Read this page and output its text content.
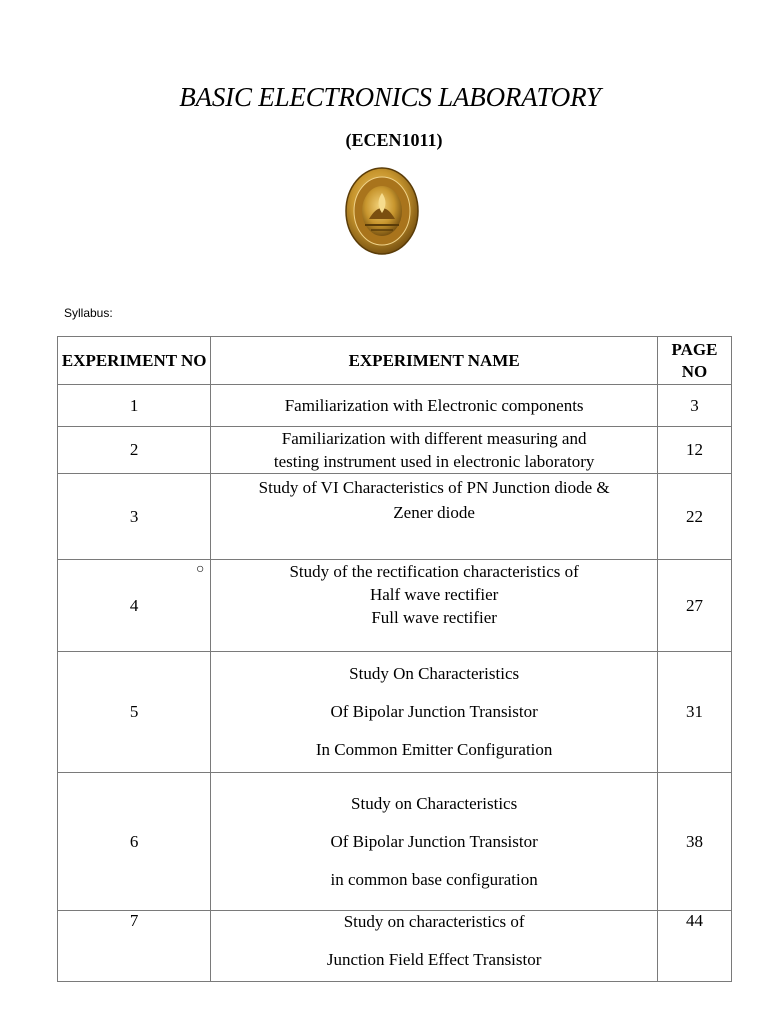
BASIC ELECTRONICS LABORATORY
(ECEN1011)
Syllabus:
○
EXPERIMENT NO	EXPERIMENT NAME	PAGE NO
1	Familiarization with Electronic components	3
2	Familiarization with different measuring and
testing instrument used in electronic laboratory	12
3	Study of VI Characteristics of PN Junction diode &
Zener diode	22
4	Study of the rectification characteristics of
Half wave rectifier
Full wave rectifier	27
5	Study On Characteristics
Of Bipolar Junction Transistor
In Common Emitter Configuration	31
6	Study on Characteristics
Of Bipolar Junction Transistor
in common base configuration	38
7	Study on characteristics of
Junction Field Effect Transistor	44
